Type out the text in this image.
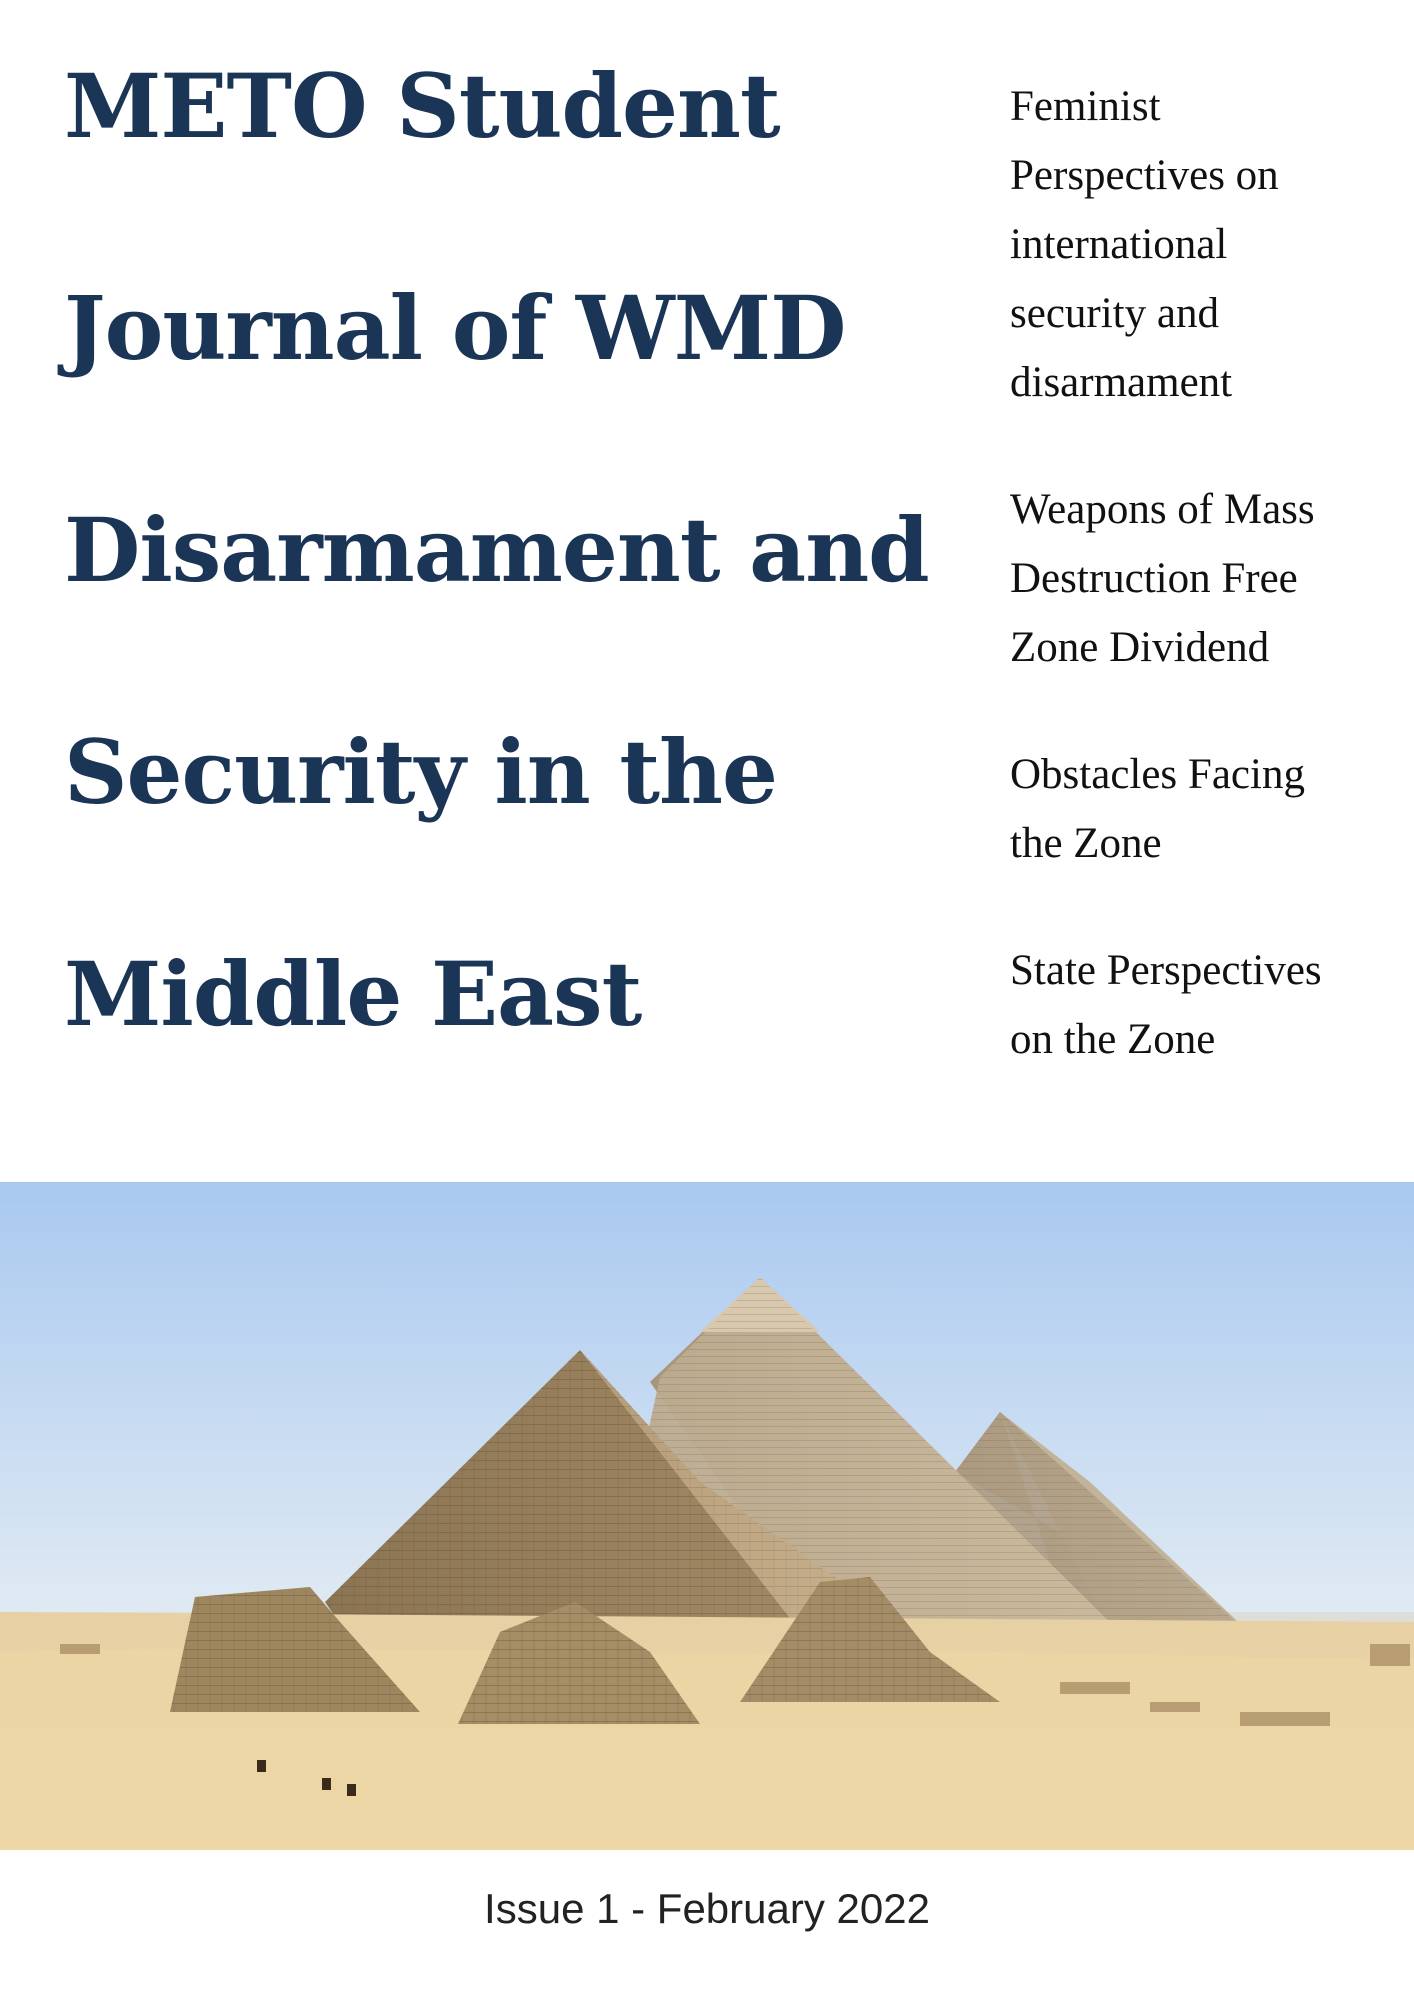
METO Student
Journal of WMD
Disarmament and
Security in the
Middle East
Feminist
Perspectives on
international
security and
disarmament
Weapons of Mass
Destruction Free
Zone Dividend
Obstacles Facing
the Zone
State Perspectives
on the Zone
Issue 1 - February 2022
